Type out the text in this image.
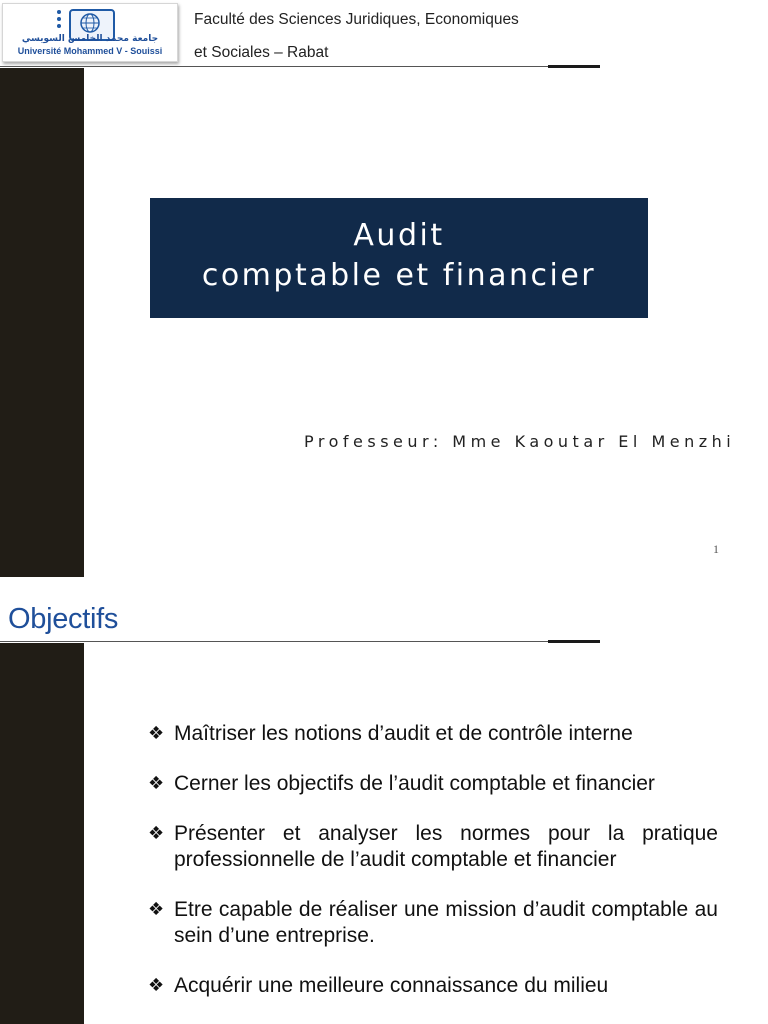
جامعة محمد الخامس السويسي
Université Mohammed V - Souissi
Faculté des Sciences Juridiques, Economiques
et Sociales – Rabat
Audit
comptable et financier
Professeur: Mme Kaoutar El Menzhi
1
Objectifs
❖ Maîtriser les notions d’audit et de contrôle interne
❖ Cerner les objectifs de l’audit comptable et financier
❖ Présenter et analyser les normes pour la pratique professionnelle de l’audit comptable et financier
❖ Etre capable de réaliser une mission d’audit comptable au sein d’une entreprise.
❖ Acquérir une meilleure connaissance du milieu
